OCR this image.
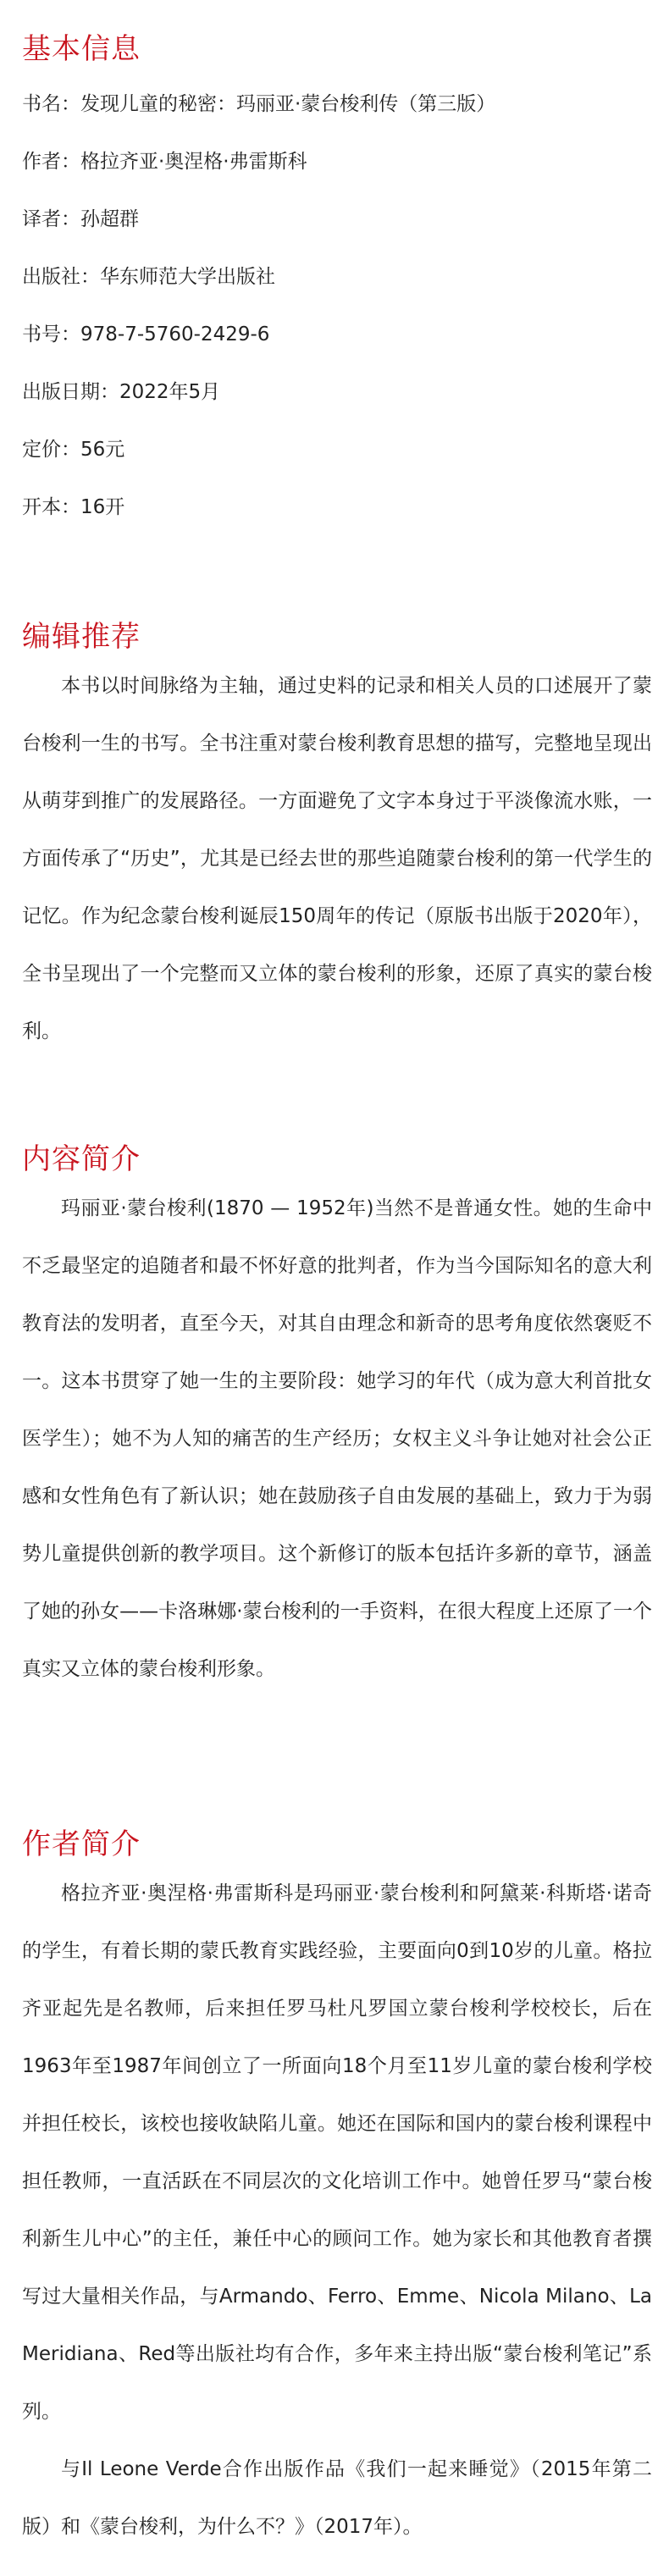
基本信息
书名：发现儿童的秘密：玛丽亚·蒙台梭利传（第三版）
作者：格拉齐亚·奥涅格·弗雷斯科
译者：孙超群
出版社：华东师范大学出版社
书号：978-7-5760-2429-6
出版日期：2022年5月
定价：56元
开本：16开
编辑推荐

本书以时间脉络为主轴，通过史料的记录和相关人员的口述展开了蒙台梭利一生的书写。全书注重对蒙台梭利教育思想的描写，完整地呈现出从萌芽到推广的发展路径。一方面避免了文字本身过于平淡像流水账，一方面传承了“历史”，尤其是已经去世的那些追随蒙台梭利的第一代学生的记忆。作为纪念蒙台梭利诞辰150周年的传记（原版书出版于2020年），全书呈现出了一个完整而又立体的蒙台梭利的形象，还原了真实的蒙台梭利。

内容简介

玛丽亚·蒙台梭利(1870 — 1952年)当然不是普通女性。她的生命中不乏最坚定的追随者和最不怀好意的批判者，作为当今国际知名的意大利教育法的发明者，直至今天，对其自由理念和新奇的思考角度依然褒贬不一。这本书贯穿了她一生的主要阶段：她学习的年代（成为意大利首批女医学生）；她不为人知的痛苦的生产经历；女权主义斗争让她对社会公正感和女性角色有了新认识；她在鼓励孩子自由发展的基础上，致力于为弱势儿童提供创新的教学项目。这个新修订的版本包括许多新的章节，涵盖了她的孙女——卡洛琳娜·蒙台梭利的一手资料，在很大程度上还原了一个真实又立体的蒙台梭利形象。

作者简介

格拉齐亚·奥涅格·弗雷斯科是玛丽亚·蒙台梭利和阿黛莱·科斯塔·诺奇的学生，有着长期的蒙氏教育实践经验，主要面向0到10岁的儿童。格拉齐亚起先是名教师，后来担任罗马杜凡罗国立蒙台梭利学校校长，后在1963年至1987年间创立了一所面向18个月至11岁儿童的蒙台梭利学校并担任校长，该校也接收缺陷儿童。她还在国际和国内的蒙台梭利课程中担任教师，一直活跃在不同层次的文化培训工作中。她曾任罗马“蒙台梭利新生儿中心”的主任，兼任中心的顾问工作。她为家长和其他教育者撰写过大量相关作品，与Armando、Ferro、Emme、Nicola Milano、La Meridiana、Red等出版社均有合作，多年来主持出版“蒙台梭利笔记”系列。

与Il Leone Verde合作出版作品《我们一起来睡觉》（2015年第二版）和《蒙台梭利，为什么不？》（2017年）。
